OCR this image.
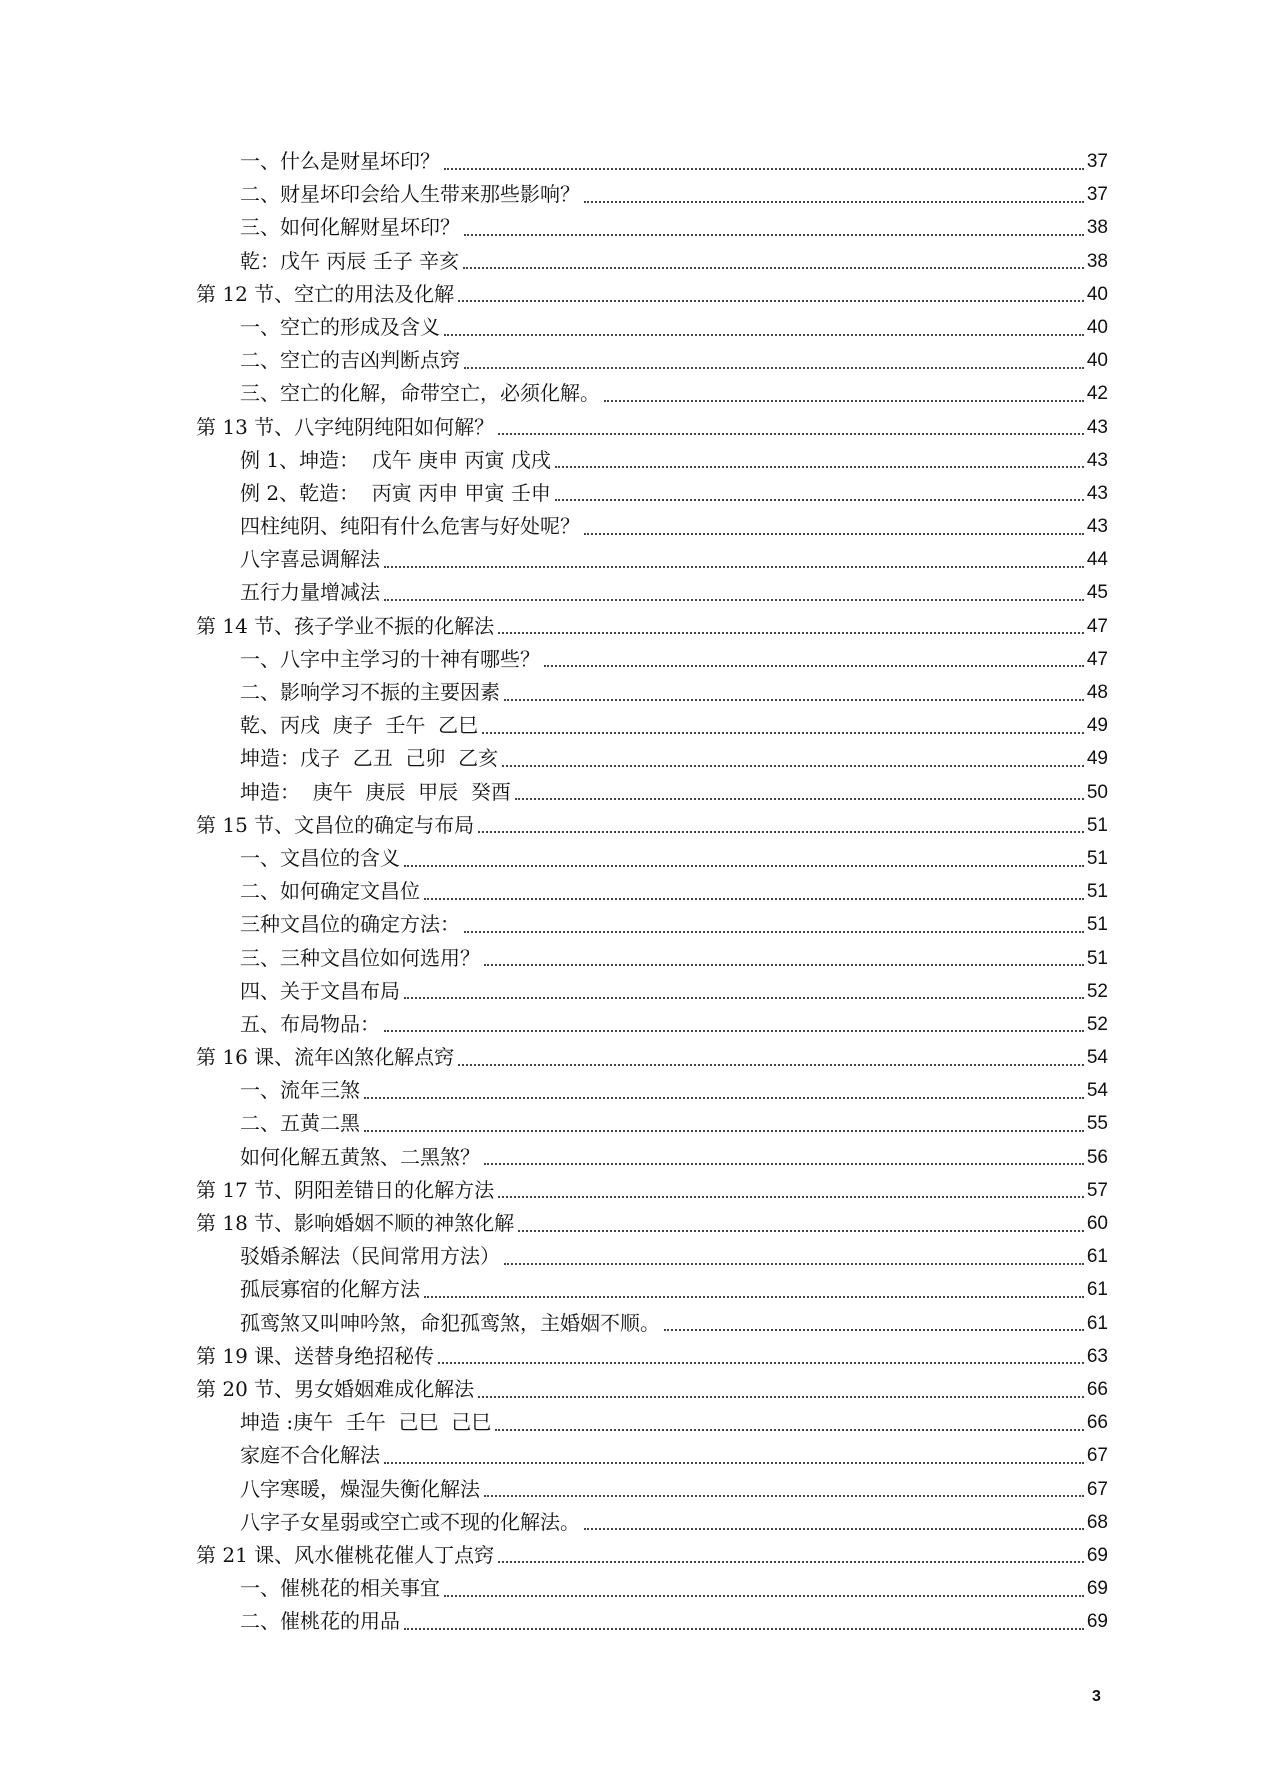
一、什么是财星坏印？	37
二、财星坏印会给人生带来那些影响？	37
三、如何化解财星坏印？	38
乾：戊午 丙辰 壬子 辛亥	38
第 12 节、空亡的用法及化解	40
一、空亡的形成及含义	40
二、空亡的吉凶判断点窍	40
三、空亡的化解，命带空亡，必须化解。	42
第 13 节、八字纯阴纯阳如何解？	43
例 1、坤造：  戊午 庚申 丙寅 戊戌	43
例 2、乾造：  丙寅 丙申 甲寅 壬申	43
四柱纯阴、纯阳有什么危害与好处呢？	43
八字喜忌调解法	44
五行力量增减法	45
第 14 节、孩子学业不振的化解法	47
一、八字中主学习的十神有哪些？	47
二、影响学习不振的主要因素	48
乾、丙戌  庚子  壬午  乙巳	49
坤造：戊子  乙丑  己卯  乙亥	49
坤造：  庚午  庚辰  甲辰  癸酉	50
第 15 节、文昌位的确定与布局	51
一、文昌位的含义	51
二、如何确定文昌位	51
三种文昌位的确定方法：	51
三、三种文昌位如何选用？	51
四、关于文昌布局	52
五、布局物品：	52
第 16 课、流年凶煞化解点窍	54
一、流年三煞	54
二、五黄二黑	55
如何化解五黄煞、二黑煞？	56
第 17 节、阴阳差错日的化解方法	57
第 18 节、影响婚姻不顺的神煞化解	60
驳婚杀解法（民间常用方法）	61
孤辰寡宿的化解方法	61
孤鸾煞又叫呻吟煞，命犯孤鸾煞，主婚姻不顺。	61
第 19 课、送替身绝招秘传	63
第 20 节、男女婚姻难成化解法	66
坤造 :庚午  壬午  己巳  己巳	66
家庭不合化解法	67
八字寒暖，燥湿失衡化解法	67
八字子女星弱或空亡或不现的化解法。	68
第 21 课、风水催桃花催人丁点窍	69
一、催桃花的相关事宜	69
二、催桃花的用品	69
3
